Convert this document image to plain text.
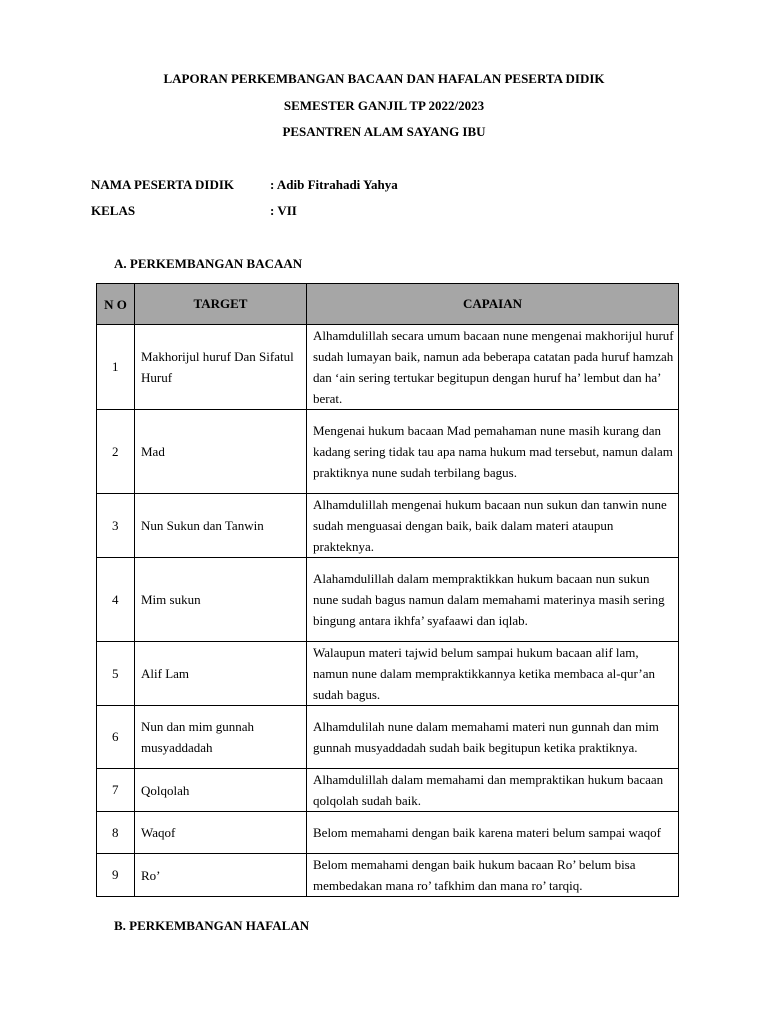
LAPORAN PERKEMBANGAN BACAAN DAN HAFALAN PESERTA DIDIK
SEMESTER GANJIL TP 2022/2023
PESANTREN ALAM SAYANG IBU
NAMA PESERTA DIDIK	: Adib Fitrahadi Yahya
KELAS	: VII
A. PERKEMBANGAN BACAAN
N O	TARGET	CAPAIAN
1	Makhorijul huruf Dan Sifatul Huruf	Alhamdulillah secara umum bacaan nune mengenai makhorijul huruf sudah lumayan baik, namun ada beberapa catatan pada huruf hamzah dan ‘ain sering tertukar begitupun dengan huruf ha’ lembut dan ha’ berat.
2	Mad	Mengenai hukum bacaan Mad pemahaman nune masih kurang dan kadang sering tidak tau apa nama hukum mad tersebut, namun dalam praktiknya nune sudah terbilang bagus.
3	Nun Sukun dan Tanwin	Alhamdulillah mengenai hukum bacaan nun sukun dan tanwin nune sudah menguasai dengan baik, baik dalam materi ataupun prakteknya.
4	Mim sukun	Alahamdulillah dalam mempraktikkan hukum bacaan nun sukun nune sudah bagus namun dalam memahami materinya masih sering bingung antara ikhfa’ syafaawi dan iqlab.
5	Alif Lam	Walaupun materi tajwid belum sampai hukum bacaan alif lam, namun nune dalam mempraktikkannya ketika membaca al-qur’an sudah bagus.
6	Nun dan mim gunnah musyaddadah	Alhamdulilah nune dalam memahami materi nun gunnah dan mim gunnah musyaddadah sudah baik begitupun ketika praktiknya.
7	Qolqolah	Alhamdulillah dalam memahami dan mempraktikan hukum bacaan qolqolah sudah baik.
8	Waqof	Belom memahami dengan baik karena materi belum sampai waqof
9	Ro’	Belom memahami dengan baik hukum bacaan Ro’ belum bisa membedakan mana ro’ tafkhim dan mana ro’ tarqiq.
B. PERKEMBANGAN HAFALAN
